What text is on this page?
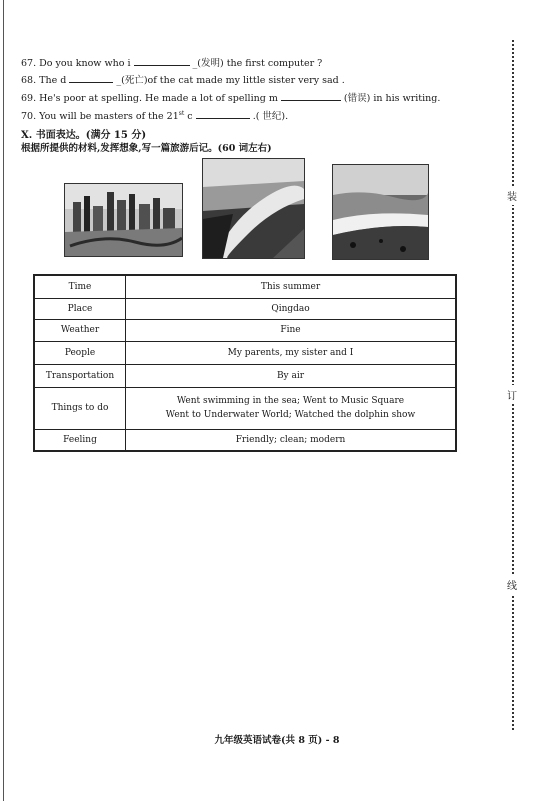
67. Do you know who i	_(发明) the first computer ?
68. The d	_(死亡)of the cat made my little sister very sad .
69. He's poor at spelling. He made a lot of spelling m	(错误) in his writing.
70. You will be masters of the 21st c	.( 世纪).
X. 书面表达。(满分 15 分)
根据所提供的材料,发挥想象,写一篇旅游后记。(60 词左右)
Time	This summer
Place	Qingdao
Weather	Fine
People	My parents, my sister and I
Transportation	By air
Things to do	Went swimming in the sea; Went to Music Square
Went to Underwater World; Watched the dolphin show

Feeling	Friendly; clean; modern
装
订
线
九年级英语试卷(共 8 页) - 8
